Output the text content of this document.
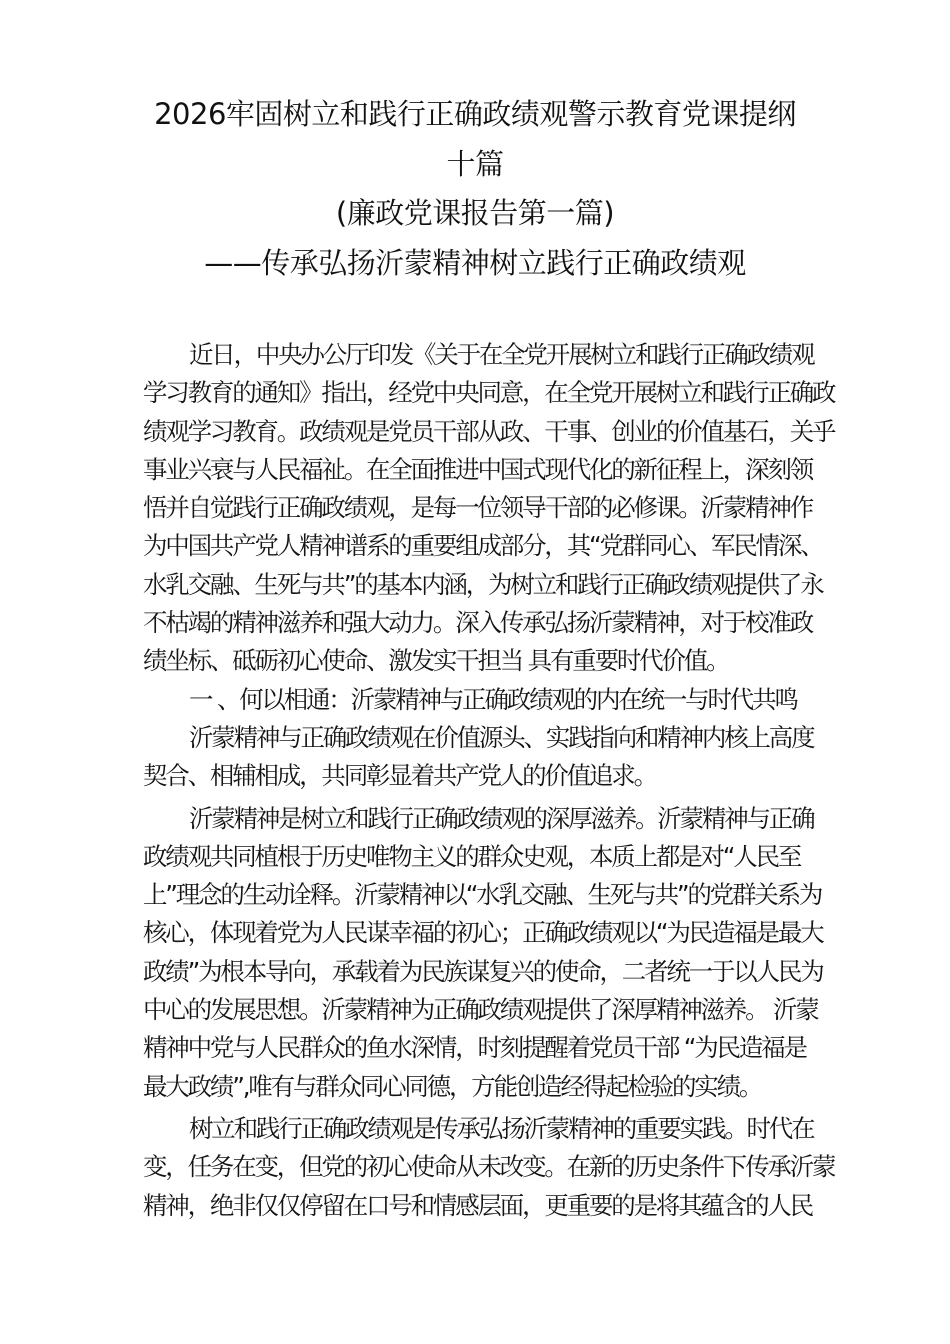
2026牢固树立和践行正确政绩观警示教育党课提纲
十篇
(廉政党课报告第一篇)
——传承弘扬沂蒙精神树立践行正确政绩观
近日，中央办公厅印发《关于在全党开展树立和践行正确政绩观
学习教育的通知》指出，经党中央同意，在全党开展树立和践行正确政
绩观学习教育。政绩观是党员干部从政、干事、创业的价值基石，关乎
事业兴衰与人民福祉。在全面推进中国式现代化的新征程上，深刻领
悟并自觉践行正确政绩观，是每一位领导干部的必修课。沂蒙精神作
为中国共产党人精神谱系的重要组成部分，其“党群同心、军民情深、
水乳交融、生死与共”的基本内涵，为树立和践行正确政绩观提供了永
不枯竭的精神滋养和强大动力。深入传承弘扬沂蒙精神，对于校准政
绩坐标、砥砺初心使命、激发实干担当 具有重要时代价值。
一 、何以相通：沂蒙精神与正确政绩观的内在统一与时代共鸣
沂蒙精神与正确政绩观在价值源头、实践指向和精神内核上高度
契合、相辅相成，共同彰显着共产党人的价值追求。
沂蒙精神是树立和践行正确政绩观的深厚滋养。沂蒙精神与正确
政绩观共同植根于历史唯物主义的群众史观，本质上都是对“人民至
上”理念的生动诠释。沂蒙精神以“水乳交融、生死与共”的党群关系为
核心，体现着党为人民谋幸福的初心；正确政绩观以“为民造福是最大
政绩”为根本导向，承载着为民族谋复兴的使命，二者统一于以人民为
中心的发展思想。沂蒙精神为正确政绩观提供了深厚精神滋养。 沂蒙
精神中党与人民群众的鱼水深情，时刻提醒着党员干部 “为民造福是
最大政绩”,唯有与群众同心同德，方能创造经得起检验的实绩。
树立和践行正确政绩观是传承弘扬沂蒙精神的重要实践。时代在
变，任务在变，但党的初心使命从未改变。在新的历史条件下传承沂蒙
精神，绝非仅仅停留在口号和情感层面，更重要的是将其蕴含的人民
